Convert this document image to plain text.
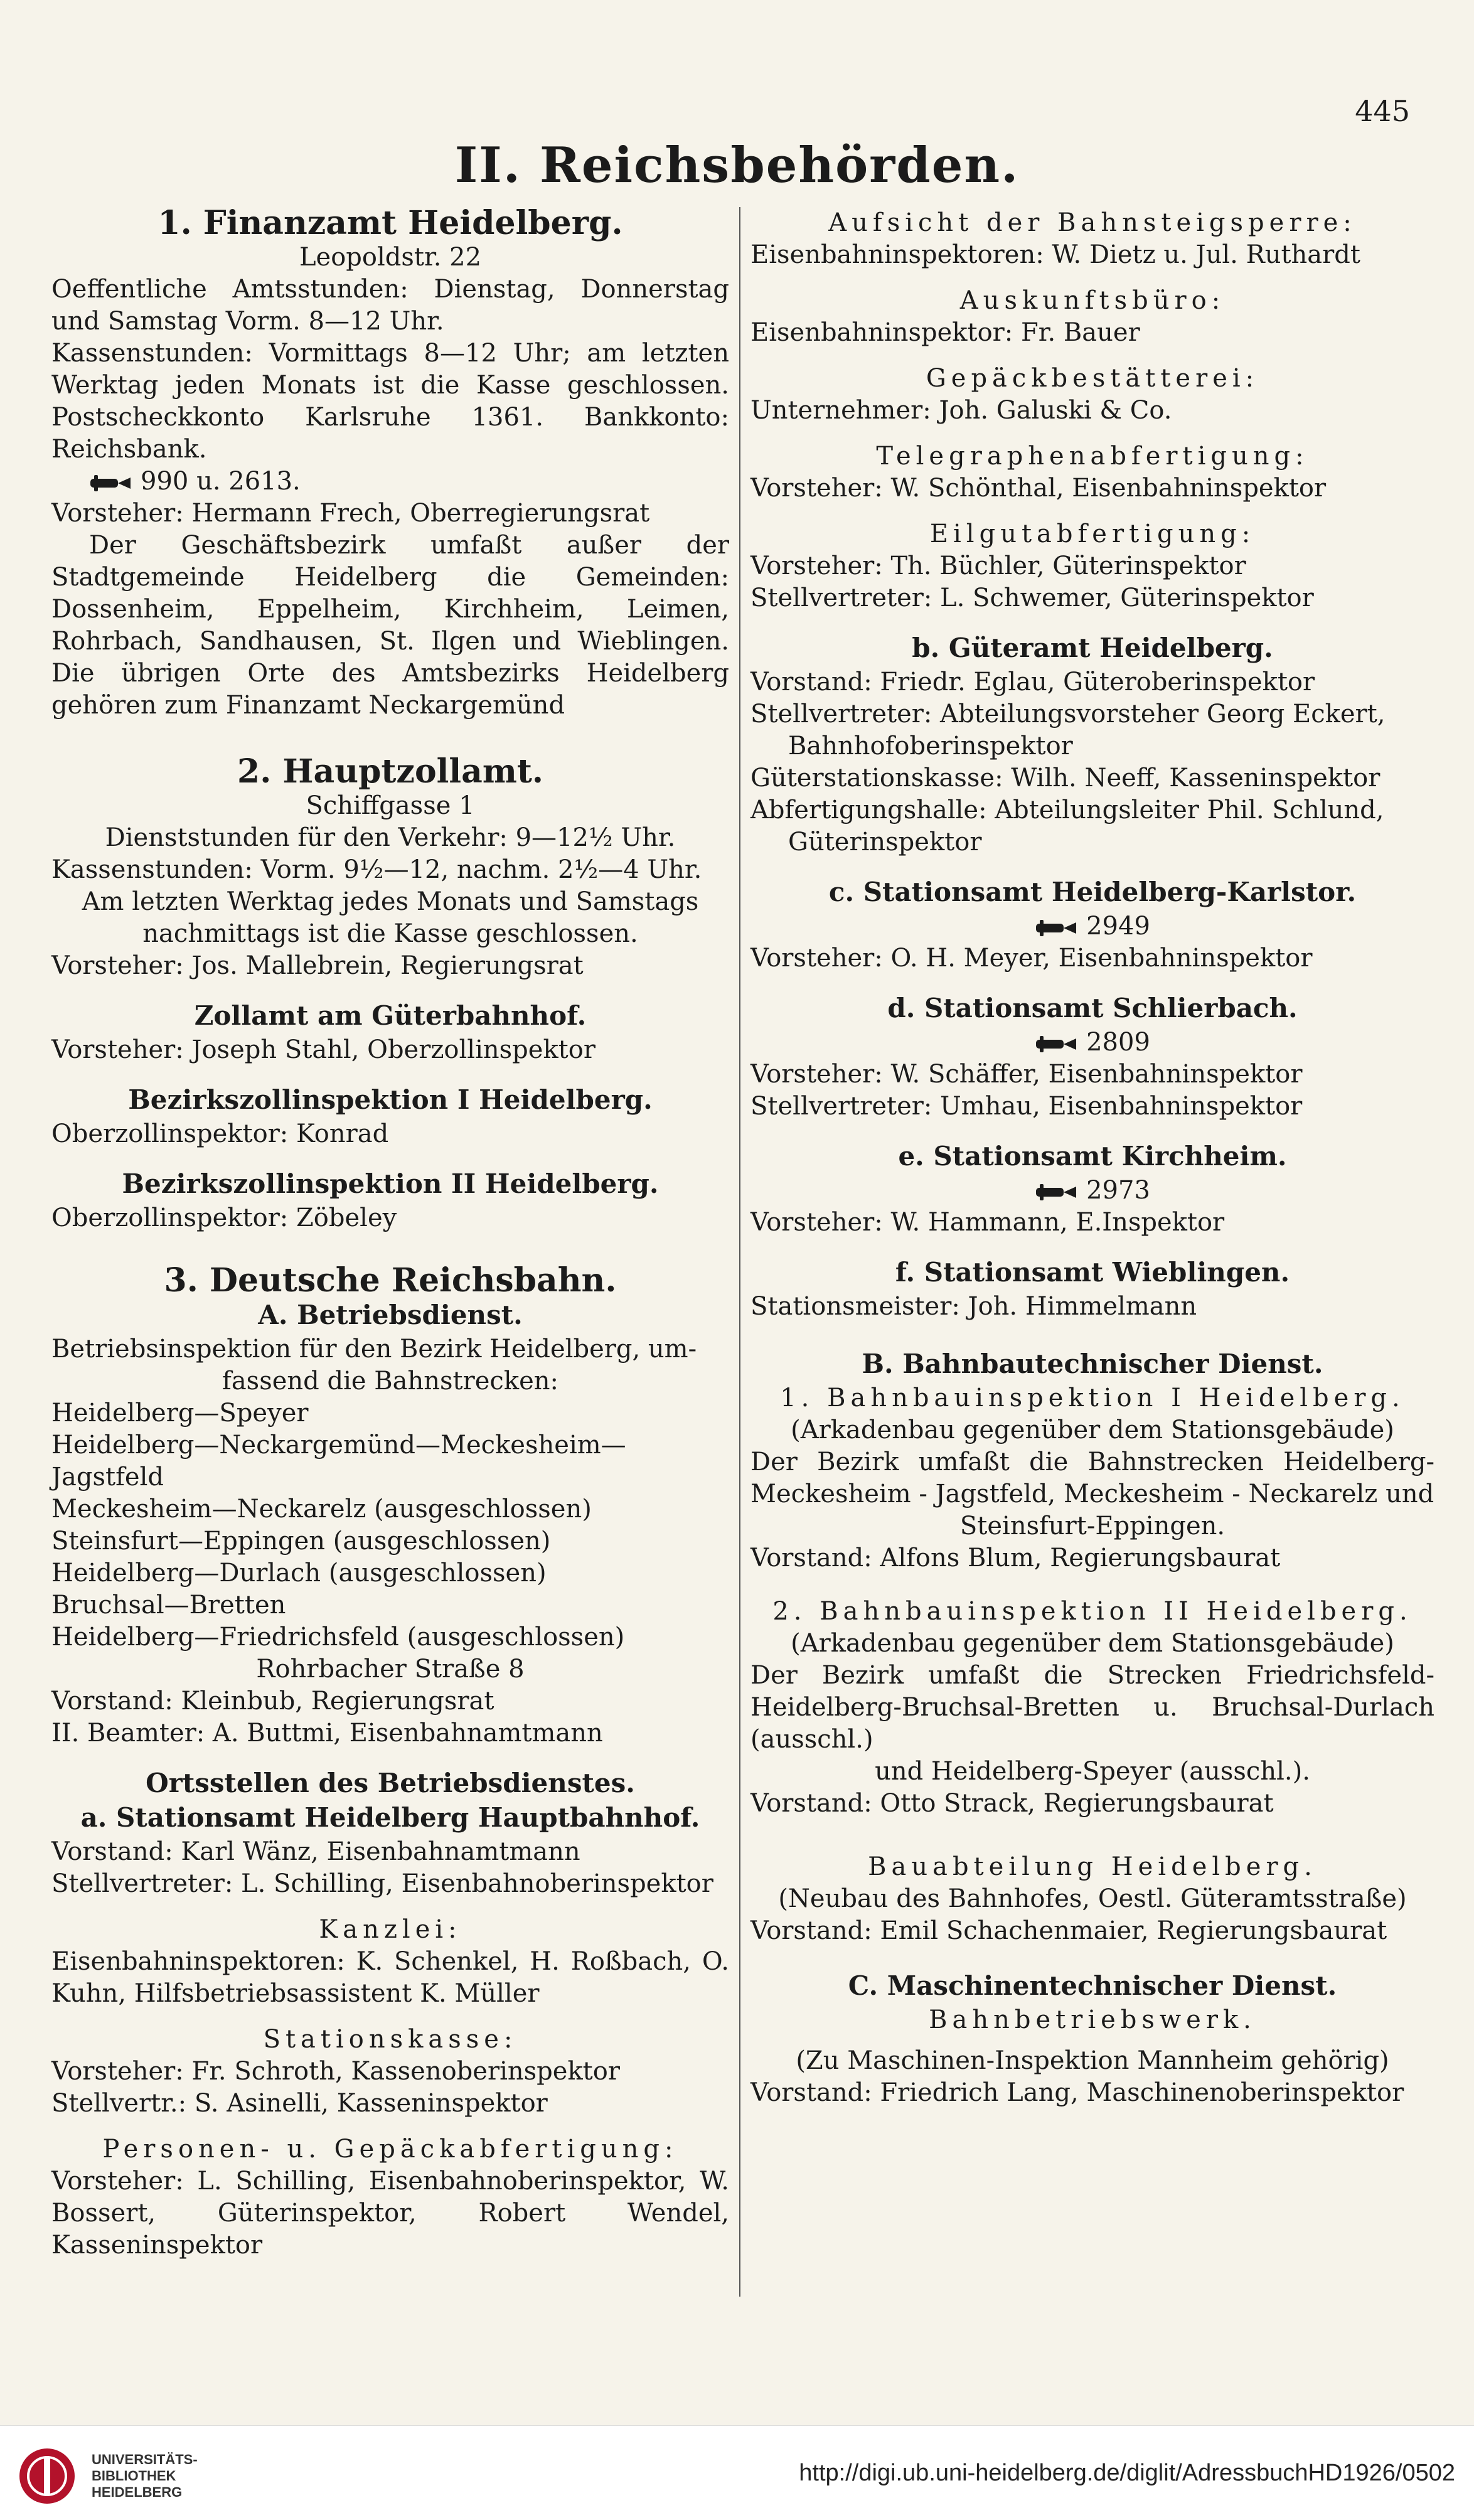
445
II. Reichsbehörden.
1. Finanzamt Heidelberg.
Leopoldstr. 22
Oeffentliche Amtsstunden: Dienstag, Donnerstag und Samstag Vorm. 8—12 Uhr.
Kassenstunden: Vormittags 8—12 Uhr; am letzten Werktag jeden Monats ist die Kasse geschlossen. Postscheckkonto Karlsruhe 1361. Bankkonto: Reichsbank.
990 u. 2613.
Vorsteher: Hermann Frech, Oberregierungsrat
Der Geschäftsbezirk umfaßt außer der Stadtgemeinde Heidelberg die Gemeinden: Dossenheim, Eppelheim, Kirchheim, Leimen, Rohrbach, Sandhausen, St. Ilgen und Wieblingen. Die übrigen Orte des Amtsbezirks Heidelberg gehören zum Finanzamt Neckargemünd
2. Hauptzollamt.
Schiffgasse 1
Dienststunden für den Verkehr: 9—12½ Uhr.
Kassenstunden: Vorm. 9½—12, nachm. 2½—4 Uhr.
Am letzten Werktag jedes Monats und Samstags
nachmittags ist die Kasse geschlossen.
Vorsteher: Jos. Mallebrein, Regierungsrat
Zollamt am Güterbahnhof.
Vorsteher: Joseph Stahl, Oberzollinspektor
Bezirkszollinspektion I Heidelberg.
Oberzollinspektor: Konrad
Bezirkszollinspektion II Heidelberg.
Oberzollinspektor: Zöbeley
3. Deutsche Reichsbahn.
A. Betriebsdienst.
Betriebsinspektion für den Bezirk Heidelberg, um-
fassend die Bahnstrecken:
Heidelberg—Speyer
Heidelberg—Neckargemünd—Meckesheim—Jagstfeld
Meckesheim—Neckarelz (ausgeschlossen)
Steinsfurt—Eppingen (ausgeschlossen)
Heidelberg—Durlach (ausgeschlossen)
Bruchsal—Bretten
Heidelberg—Friedrichsfeld (ausgeschlossen)
Rohrbacher Straße 8
Vorstand: Kleinbub, Regierungsrat
II. Beamter: A. Buttmi, Eisenbahnamtmann
Ortsstellen des Betriebsdienstes.
a. Stationsamt Heidelberg Hauptbahnhof.
Vorstand: Karl Wänz, Eisenbahnamtmann
Stellvertreter: L. Schilling, Eisenbahnoberinspektor
Kanzlei:
Eisenbahninspektoren: K. Schenkel, H. Roßbach, O. Kuhn, Hilfsbetriebsassistent K. Müller
Stationskasse:
Vorsteher: Fr. Schroth, Kassenoberinspektor
Stellvertr.: S. Asinelli, Kasseninspektor
Personen- u. Gepäckabfertigung:
Vorsteher: L. Schilling, Eisenbahnoberinspektor, W. Bossert, Güterinspektor, Robert Wendel, Kasseninspektor
Aufsicht der Bahnsteigsperre:
Eisenbahninspektoren: W. Dietz u. Jul. Ruthardt
Auskunftsbüro:
Eisenbahninspektor: Fr. Bauer
Gepäckbestätterei:
Unternehmer: Joh. Galuski & Co.
Telegraphenabfertigung:
Vorsteher: W. Schönthal, Eisenbahninspektor
Eilgutabfertigung:
Vorsteher: Th. Büchler, Güterinspektor
Stellvertreter: L. Schwemer, Güterinspektor
b. Güteramt Heidelberg.
Vorstand: Friedr. Eglau, Güteroberinspektor
Stellvertreter: Abteilungsvorsteher Georg Eckert,
Bahnhofoberinspektor
Güterstationskasse: Wilh. Neeff, Kasseninspektor
Abfertigungshalle: Abteilungsleiter Phil. Schlund,
Güterinspektor
c. Stationsamt Heidelberg-Karlstor.
2949
Vorsteher: O. H. Meyer, Eisenbahninspektor
d. Stationsamt Schlierbach.
2809
Vorsteher: W. Schäffer, Eisenbahninspektor
Stellvertreter: Umhau, Eisenbahninspektor
e. Stationsamt Kirchheim.
2973
Vorsteher: W. Hammann, E.Inspektor
f. Stationsamt Wieblingen.
Stationsmeister: Joh. Himmelmann
B. Bahnbautechnischer Dienst.
1. Bahnbauinspektion I Heidelberg.
(Arkadenbau gegenüber dem Stationsgebäude)
Der Bezirk umfaßt die Bahnstrecken Heidelberg-Meckesheim - Jagstfeld, Meckesheim - Neckarelz und
Steinsfurt-Eppingen.
Vorstand: Alfons Blum, Regierungsbaurat
2. Bahnbauinspektion II Heidelberg.
(Arkadenbau gegenüber dem Stationsgebäude)
Der Bezirk umfaßt die Strecken Friedrichsfeld-Heidelberg-Bruchsal-Bretten u. Bruchsal-Durlach (ausschl.)
und Heidelberg-Speyer (ausschl.).
Vorstand: Otto Strack, Regierungsbaurat
Bauabteilung Heidelberg.
(Neubau des Bahnhofes, Oestl. Güteramtsstraße)
Vorstand: Emil Schachenmaier, Regierungsbaurat
C. Maschinentechnischer Dienst.
Bahnbetriebswerk.
(Zu Maschinen-Inspektion Mannheim gehörig)
Vorstand: Friedrich Lang, Maschinenoberinspektor
UNIVERSITÄTS-
BIBLIOTHEK
HEIDELBERG
http://digi.ub.uni-heidelberg.de/diglit/AdressbuchHD1926/0502
